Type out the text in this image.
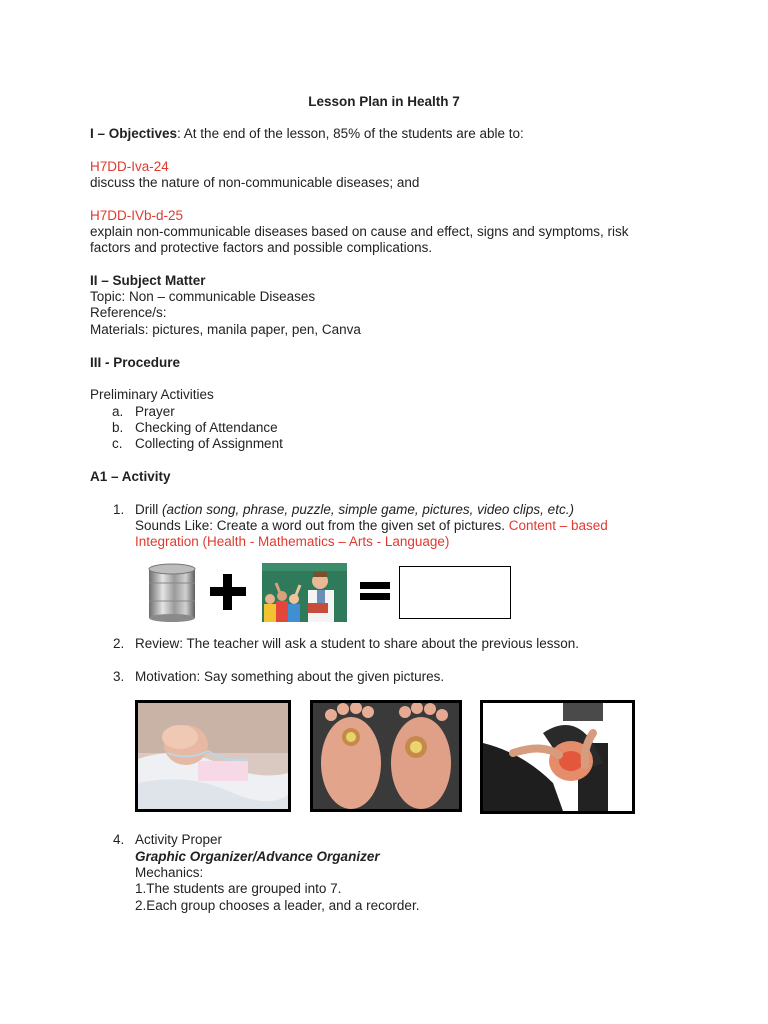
Lesson Plan in Health 7
I – Objectives: At the end of the lesson, 85% of the students are able to:
H7DD-Iva-24
discuss the nature of non-communicable diseases; and
H7DD-IVb-d-25
explain non-communicable diseases based on cause and effect, signs and symptoms, risk
factors and protective factors and possible complications.
II – Subject Matter
Topic: Non – communicable Diseases
Reference/s:
Materials: pictures, manila paper, pen, Canva
III - Procedure
Preliminary Activities
a. Prayer
b. Checking of Attendance
c. Collecting of Assignment
A1 – Activity
1. Drill (action song, phrase, puzzle, simple game, pictures, video clips, etc.)
Sounds Like: Create a word out from the given set of pictures. Content – based
Integration (Health - Mathematics – Arts - Language)
2. Review: The teacher will ask a student to share about the previous lesson.
3. Motivation: Say something about the given pictures.
4. Activity Proper
Graphic Organizer/Advance Organizer
Mechanics:
1.The students are grouped into 7.
2.Each group chooses a leader, and a recorder.
